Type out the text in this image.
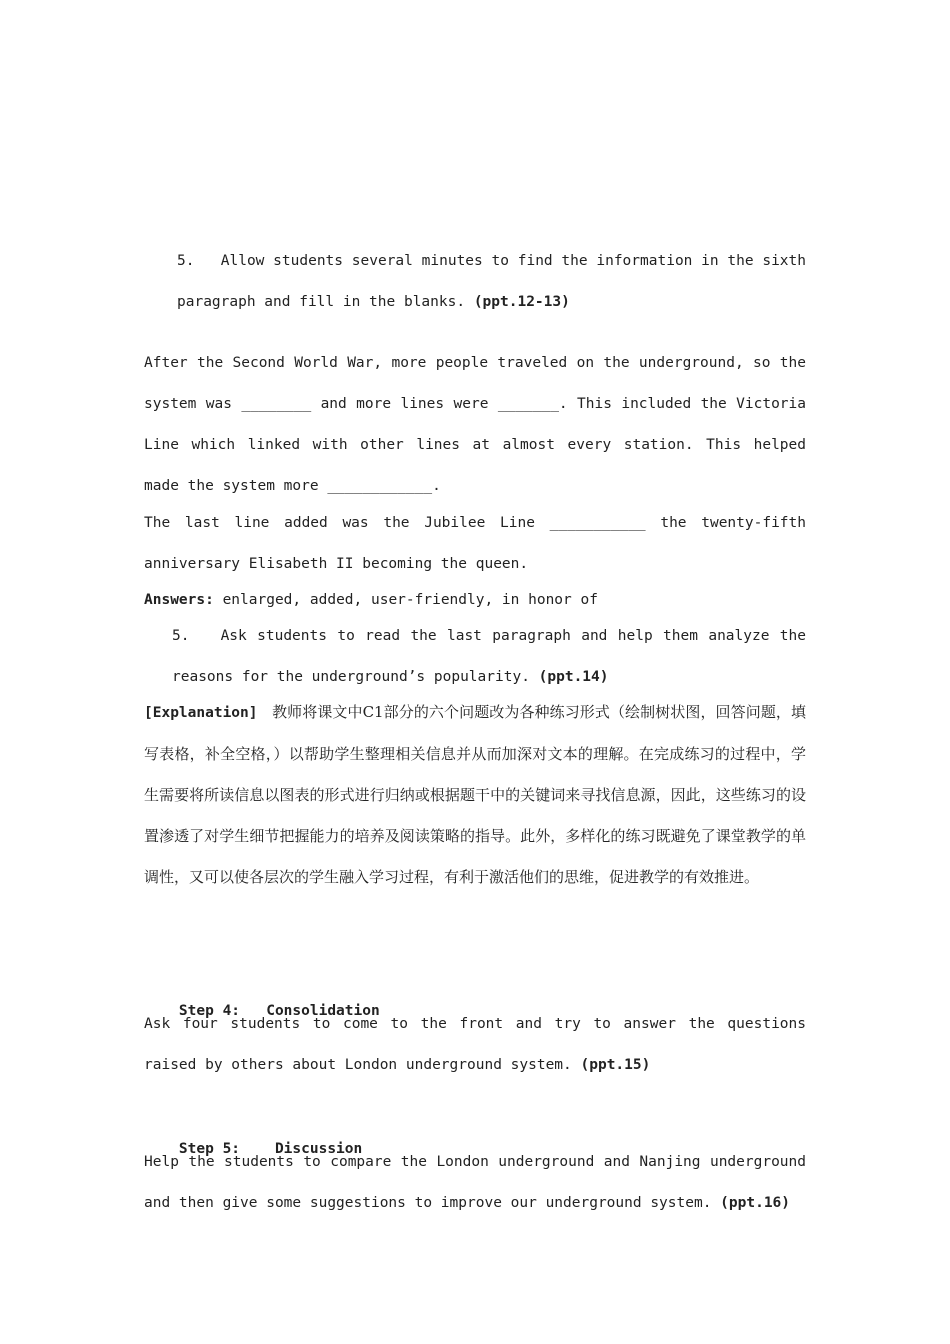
5. Allow students several minutes to find the information in the sixth paragraph and fill in the blanks. (ppt.12-13)
After the Second World War, more people traveled on the underground, so the system was ________ and more lines were _______. This included the Victoria Line which linked with other lines at almost every station. This helped made the system more ____________.
The last line added was the Jubilee Line ___________ the twenty-fifth anniversary Elisabeth II becoming the queen.
Answers: enlarged, added, user-friendly, in honor of
5. Ask students to read the last paragraph and help them analyze the reasons for the underground’s popularity. (ppt.14)
[Explanation] 教师将课文中C1部分的六个问题改为各种练习形式（绘制树状图，回答问题，填写表格，补全空格，）以帮助学生整理相关信息并从而加深对文本的理解。在完成练习的过程中，学生需要将所读信息以图表的形式进行归纳或根据题干中的关键词来寻找信息源，因此，这些练习的设置渗透了对学生细节把握能力的培养及阅读策略的指导。此外，多样化的练习既避免了课堂教学的单调性，又可以使各层次的学生融入学习过程，有利于激活他们的思维，促进教学的有效推进。

Step 4:   Consolidation

Ask four students to come to the front and try to answer the questions raised by others about London underground system. (ppt.15)

Step 5:    Discussion

Help the students to compare the London underground and Nanjing underground and then give some suggestions to improve our underground system. (ppt.16)
